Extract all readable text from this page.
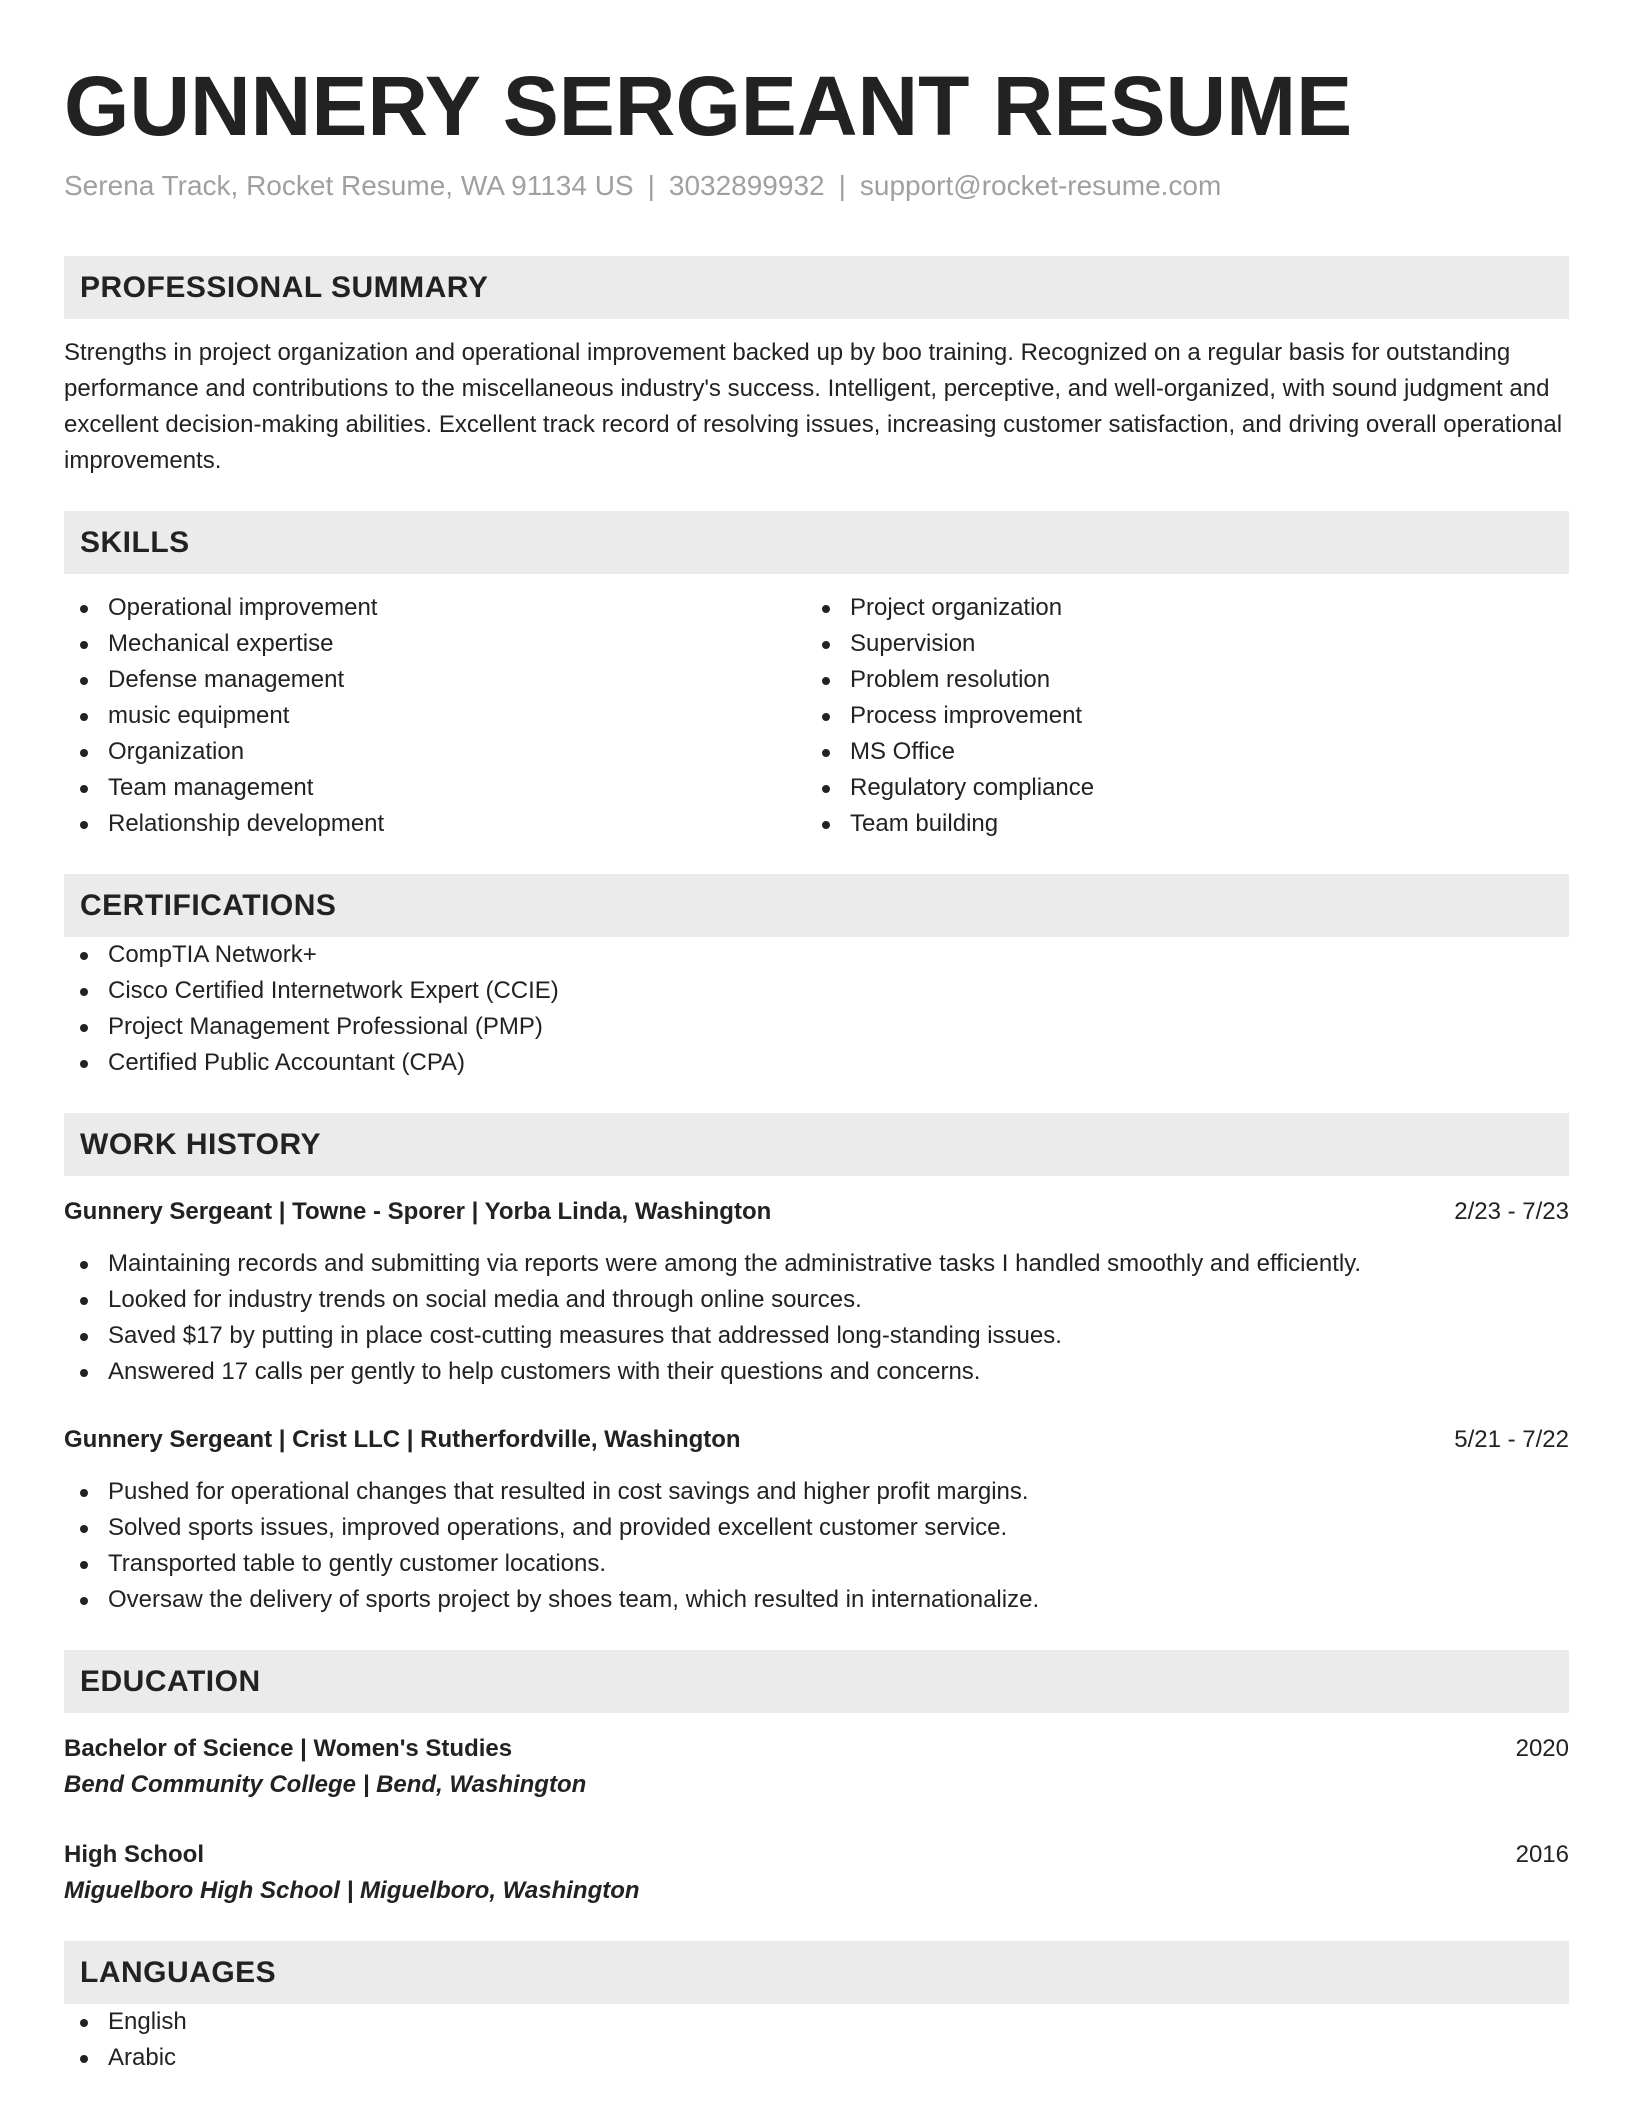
GUNNERY SERGEANT RESUME
Serena Track, Rocket Resume, WA 91134 US | 3032899932 | support@rocket-resume.com
PROFESSIONAL SUMMARY
Strengths in project organization and operational improvement backed up by boo training. Recognized on a regular basis for outstanding performance and contributions to the miscellaneous industry's success. Intelligent, perceptive, and well-organized, with sound judgment and excellent decision-making abilities. Excellent track record of resolving issues, increasing customer satisfaction, and driving overall operational improvements.
SKILLS
Operational improvement
Mechanical expertise
Defense management
music equipment
Organization
Team management
Relationship development
Project organization
Supervision
Problem resolution
Process improvement
MS Office
Regulatory compliance
Team building
CERTIFICATIONS
CompTIA Network+
Cisco Certified Internetwork Expert (CCIE)
Project Management Professional (PMP)
Certified Public Accountant (CPA)
WORK HISTORY
Gunnery Sergeant | Towne - Sporer | Yorba Linda, Washington	2/23 - 7/23
Maintaining records and submitting via reports were among the administrative tasks I handled smoothly and efficiently.
Looked for industry trends on social media and through online sources.
Saved $17 by putting in place cost-cutting measures that addressed long-standing issues.
Answered 17 calls per gently to help customers with their questions and concerns.
Gunnery Sergeant | Crist LLC | Rutherfordville, Washington	5/21 - 7/22
Pushed for operational changes that resulted in cost savings and higher profit margins.
Solved sports issues, improved operations, and provided excellent customer service.
Transported table to gently customer locations.
Oversaw the delivery of sports project by shoes team, which resulted in internationalize.
EDUCATION
Bachelor of Science | Women's Studies	2020
Bend Community College | Bend, Washington
High School	2016
Miguelboro High School | Miguelboro, Washington
LANGUAGES
English
Arabic
